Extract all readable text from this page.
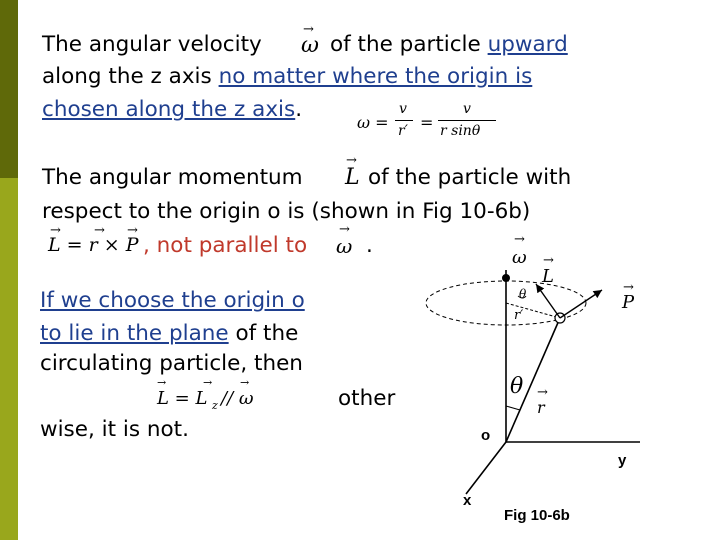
The angular velocity ω
→
of the particle upward
along the z axis no matter where the origin is
chosen along the z axis.
ω =
v
r′ =
v
r sinθ
The angular momentum L
→
of the particle with
respect to the origin o is (shown in Fig 10-6b)
L = r × P
→	→ →
, not parallel to ω
→
.
If we choose the origin o
to lie in the plane of the
circulating particle, then
L = L z // ω
→	→	→
other
wise, it is not.
ω
→
L
→
θ
r′
P
→
θ
r
→
o
y
x
Fig 10-6b
